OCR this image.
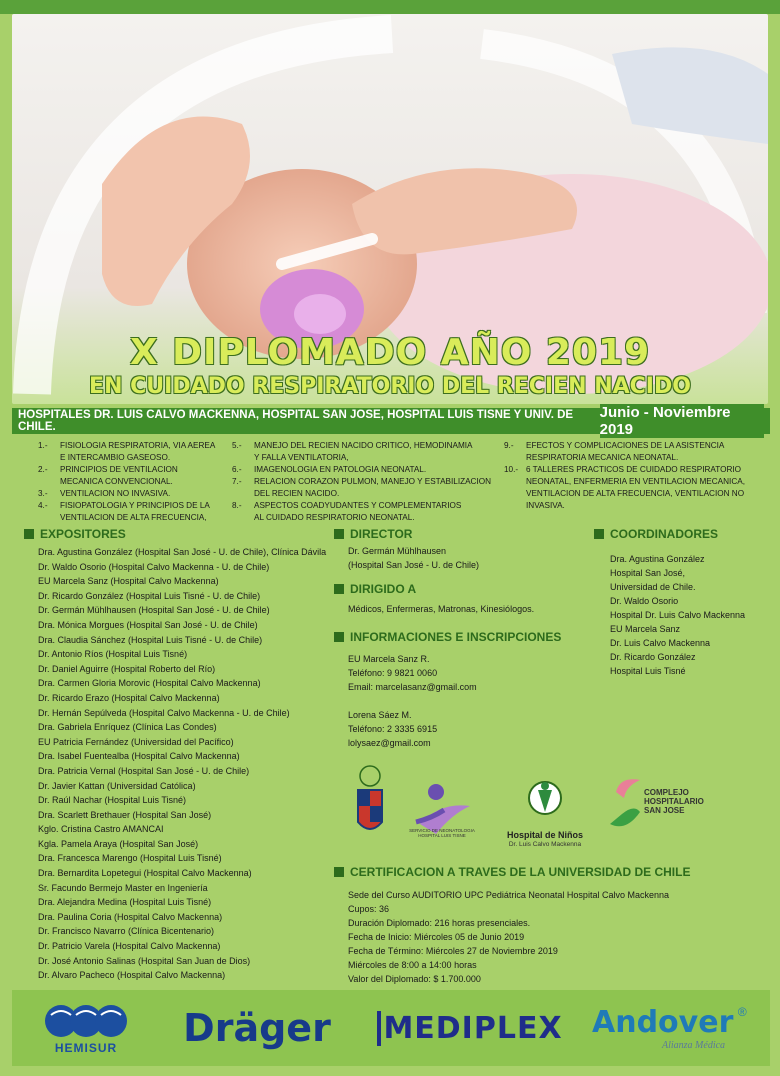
X DIPLOMADO AÑO 2019
EN CUIDADO RESPIRATORIO DEL RECIEN NACIDO
HOSPITALES DR. LUIS CALVO MACKENNA, HOSPITAL SAN JOSE, HOSPITAL LUIS TISNE Y UNIV. DE CHILE.
Junio - Noviembre 2019
1.-	FISIOLOGIA RESPIRATORIA, VIA AEREA
E INTERCAMBIO GASEOSO.
2.-	PRINCIPIOS DE VENTILACION
MECANICA CONVENCIONAL.
3.-	VENTILACION NO INVASIVA.
4.-	FISIOPATOLOGIA Y PRINCIPIOS DE LA
VENTILACION DE ALTA FRECUENCIA,
5.-	MANEJO DEL RECIEN NACIDO CRITICO, HEMODINAMIA
Y FALLA VENTILATORIA,
6.-	IMAGENOLOGIA EN PATOLOGIA NEONATAL.
7.-	RELACION CORAZON PULMON, MANEJO Y ESTABILIZACION
DEL RECIEN NACIDO.
8.-	ASPECTOS COADYUDANTES Y COMPLEMENTARIOS
AL CUIDADO RESPIRATORIO NEONATAL.
9.-	EFECTOS Y COMPLICACIONES DE LA ASISTENCIA
RESPIRATORIA MECANICA NEONATAL.
10.- 6 TALLERES PRACTICOS DE CUIDADO RESPIRATORIO
NEONATAL, ENFERMERIA EN VENTILACION MECANICA,
VENTILACION DE ALTA FRECUENCIA, VENTILACION NO INVASIVA.
EXPOSITORES
Dra. Agustina González (Hospital San José - U. de Chile), Clínica Dávila
Dr. Waldo Osorio (Hospital Calvo Mackenna - U. de Chile)
EU Marcela Sanz (Hospital Calvo Mackenna)
Dr. Ricardo González (Hospital Luis Tisné - U. de Chile)
Dr. Germán Mühlhausen (Hospital San José - U. de Chile)
Dra. Mónica Morgues (Hospital San José - U. de Chile)
Dra. Claudia Sánchez (Hospital Luis Tisné - U. de Chile)
Dr. Antonio Ríos (Hospital Luis Tisné)
Dr. Daniel Aguirre (Hospital Roberto del Río)
Dra. Carmen Gloria Morovic (Hospital Calvo Mackenna)
Dr. Ricardo Erazo (Hospital Calvo Mackenna)
Dr. Hernán Sepúlveda (Hospital Calvo Mackenna - U. de Chile)
Dra. Gabriela Enríquez (Clínica Las Condes)
EU Patricia Fernández (Universidad del Pacífico)
Dra. Isabel Fuentealba (Hospital Calvo Mackenna)
Dra. Patricia Vernal (Hospital San José - U. de Chile)
Dr. Javier Kattan (Universidad Católica)
Dr. Raúl Nachar (Hospital Luis Tisné)
Dra. Scarlett Brethauer (Hospital San José)
Kglo. Cristina Castro AMANCAI
Kgla. Pamela Araya (Hospital San José)
Dra. Francesca Marengo (Hospital Luis Tisné)
Dra. Bernardita Lopetegui (Hospital Calvo Mackenna)
Sr. Facundo Bermejo Master en Ingeniería
Dra. Alejandra Medina (Hospital Luis Tisné)
Dra. Paulina Coria (Hospital Calvo Mackenna)
Dr. Francisco Navarro (Clínica Bicentenario)
Dr. Patricio Varela (Hospital Calvo Mackenna)
Dr. José Antonio Salinas (Hospital San Juan de Dios)
Dr. Alvaro Pacheco (Hospital Calvo Mackenna)
DIRECTOR
Dr. Germán Mühlhausen
(Hospital San José - U. de Chile)
DIRIGIDO A
Médicos, Enfermeras, Matronas, Kinesiólogos.
INFORMACIONES E INSCRIPCIONES
EU Marcela Sanz R.
Teléfono: 9 9821 0060
Email: marcelasanz@gmail.com
Lorena Sáez M.
Teléfono: 2 3335 6915
lolysaez@gmail.com
COORDINADORES
Dra. Agustina González
Hospital San José,
Universidad de Chile.
Dr. Waldo Osorio
Hospital Dr. Luis Calvo Mackenna
EU Marcela Sanz
Dr. Luis Calvo Mackenna
Dr. Ricardo González
Hospital Luis Tisné
SERVICIO DE NEONATOLOGIA
HOSPITAL LUIS TISNE	Hospital de Niños
Dr. Luis Calvo Mackenna
COMPLEJO
HOSPITALARIO
SAN JOSE
CERTIFICACION A TRAVES DE LA UNIVERSIDAD DE CHILE
Sede del Curso AUDITORIO UPC Pediátrica Neonatal Hospital Calvo Mackenna
Cupos: 36
Duración Diplomado: 216 horas presenciales.
Fecha de Inicio: Miércoles 05 de Junio 2019
Fecha de Término: Miércoles 27 de Noviembre 2019
Miércoles de 8:00 a 14:00 horas
Valor del Diplomado: $ 1.700.000
HEMISUR Dräger MEDIPLEX Andover ®
Alianza Médica
